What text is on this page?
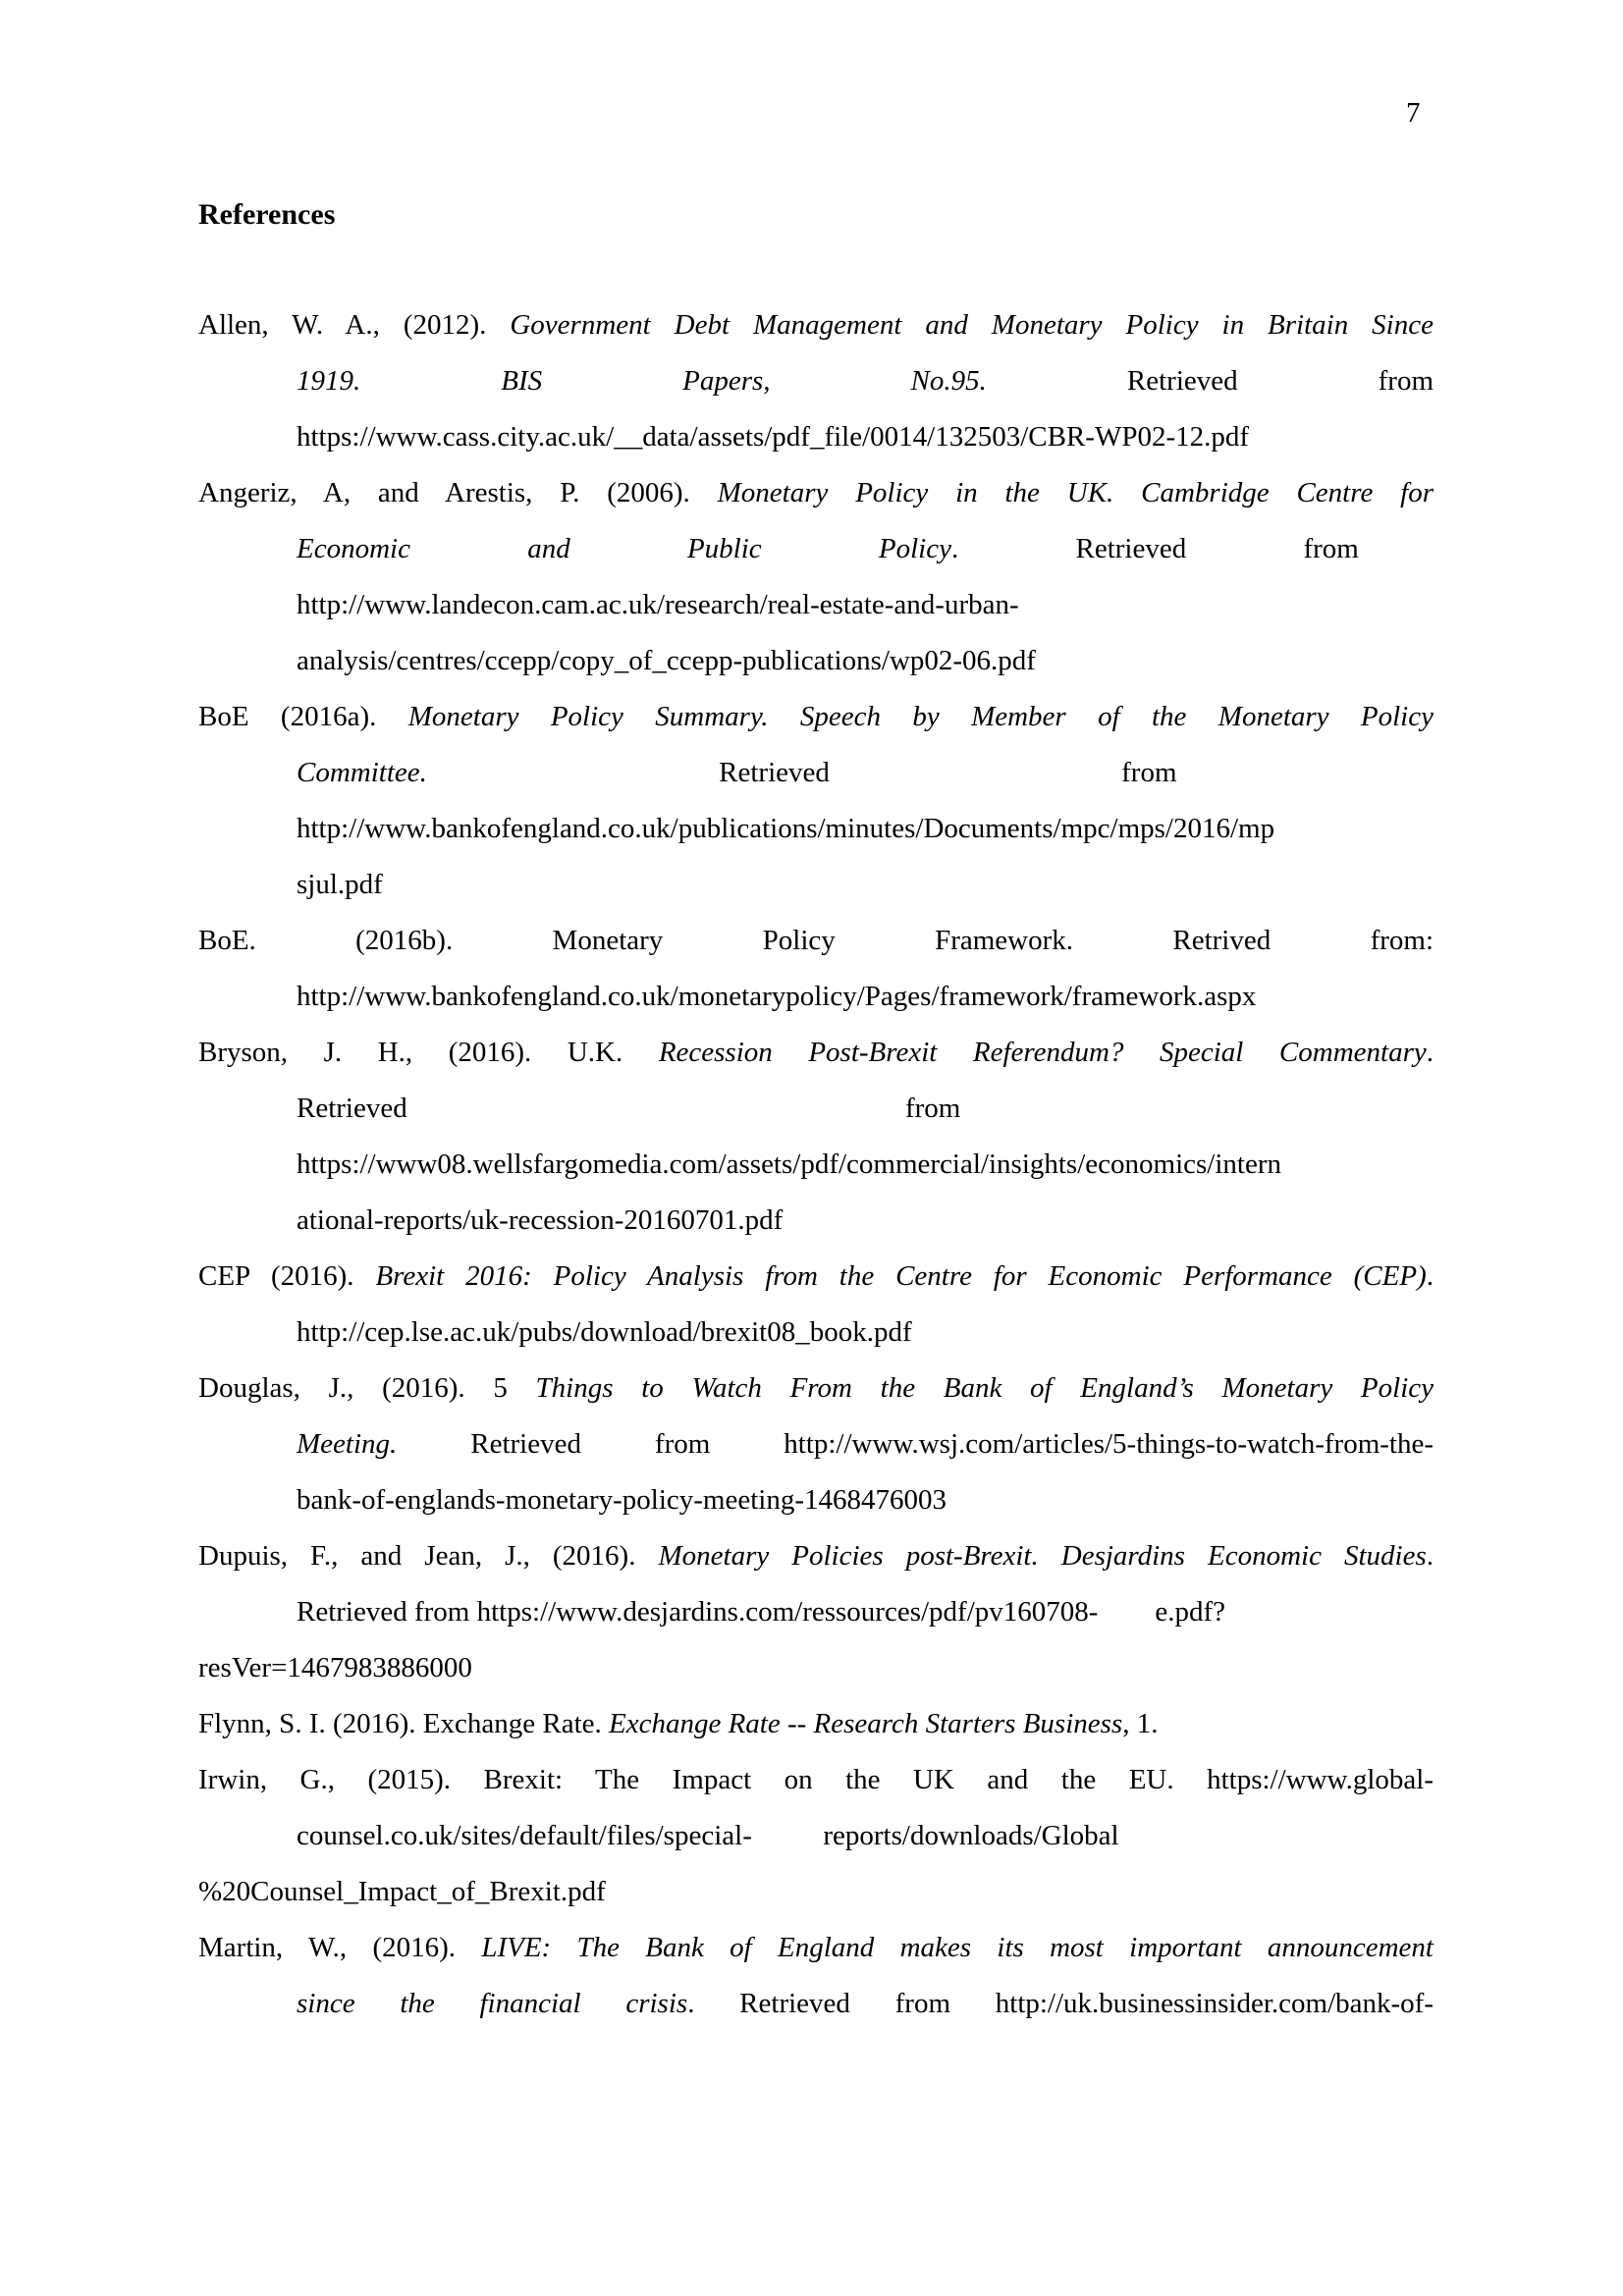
7
References
Allen, W. A., (2012). Government Debt Management and Monetary Policy in Britain Since
1919. BIS Papers, No.95. Retrieved from
https://www.cass.city.ac.uk/__data/assets/pdf_file/0014/132503/CBR-WP02-12.pdf
Angeriz, A, and Arestis, P. (2006). Monetary Policy in the UK. Cambridge Centre for
Economic and Public Policy. Retrieved from
http://www.landecon.cam.ac.uk/research/real-estate-and-urban-
analysis/centres/ccepp/copy_of_ccepp-publications/wp02-06.pdf
BoE (2016a). Monetary Policy Summary. Speech by Member of the Monetary Policy
Committee. Retrieved from
http://www.bankofengland.co.uk/publications/minutes/Documents/mpc/mps/2016/mp
sjul.pdf
BoE. (2016b). Monetary Policy Framework. Retrived from:
http://www.bankofengland.co.uk/monetarypolicy/Pages/framework/framework.aspx
Bryson, J. H., (2016). U.K. Recession Post-Brexit Referendum? Special Commentary.
Retrieved from
https://www08.wellsfargomedia.com/assets/pdf/commercial/insights/economics/intern
ational-reports/uk-recession-20160701.pdf
CEP (2016). Brexit 2016: Policy Analysis from the Centre for Economic Performance (CEP).
http://cep.lse.ac.uk/pubs/download/brexit08_book.pdf
Douglas, J., (2016). 5 Things to Watch From the Bank of England’s Monetary Policy
Meeting. Retrieved from http://www.wsj.com/articles/5-things-to-watch-from-the-
bank-of-englands-monetary-policy-meeting-1468476003
Dupuis, F., and Jean, J., (2016). Monetary Policies post-Brexit. Desjardins Economic Studies.
Retrieved from https://www.desjardins.com/ressources/pdf/pv160708-        e.pdf?
resVer=1467983886000
Flynn, S. I. (2016). Exchange Rate. Exchange Rate -- Research Starters Business, 1.
Irwin, G., (2015). Brexit: The Impact on the UK and the EU. https://www.global-
counsel.co.uk/sites/default/files/special-          reports/downloads/Global
%20Counsel_Impact_of_Brexit.pdf
Martin, W., (2016). LIVE: The Bank of England makes its most important announcement
since the financial crisis. Retrieved from http://uk.businessinsider.com/bank-of-
